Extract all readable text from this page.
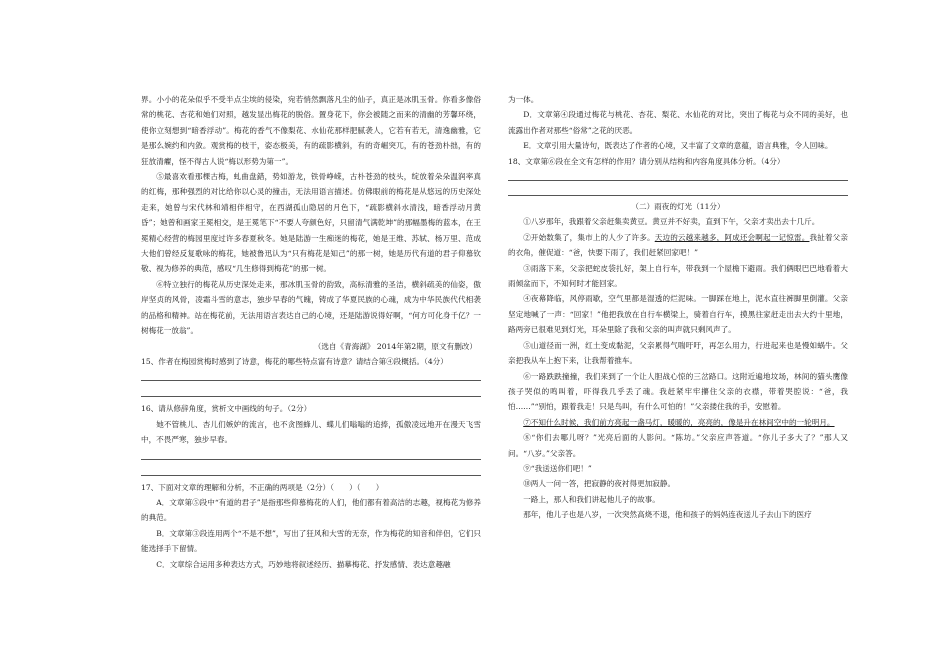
界。小小的花朵似乎不受半点尘埃的侵染，宛若悄然飘落凡尘的仙子，真正是冰肌玉骨。你看多像俗常的桃花、杏花和她们对照，越发显出梅花的脱俗。置身花下，你会被随之而来的清幽的芳馨环绕，使你立刻想到“暗香浮动”。梅花的香气不像梨花、水仙花那样肥腻袭人，它若有若无，清逸幽雅，它是那么婉约和内敛。观赏梅的枝干，姿态极美，有的疏影横斜，有的奇崛突兀，有的苍劲朴拙，有的狂放清癯，怪不得古人说“梅以形势为第一”。

⑤最喜欢看那棵古梅，虬曲盘錯，势如游龙，铁骨峥嵘，古朴苍劲的枝头，绽放着朵朵温润率真的红梅，那种强烈的对比给你以心灵的撞击，无法用语言描述。仿佛眼前的梅花是从悠远的历史深处走来，她曾与宋代林和靖相伴相守，在西湖孤山隐居的月色下，“疏影横斜水清浅，暗香浮动月黄昏”；她曾和画家王冕相交，是王冕笔下“不要人夸颜色好，只留清气满乾坤”的那幅墨梅的蓝本，在王冕精心经营的梅园里度过许多春夏秋冬。她是陆游一生痴迷的梅花，她是王维、苏轼、杨万里、范成大他们曾经反复歌咏的梅花，她被鲁迅认为“只有梅花是知己”的那一树，她是历代有道的君子仰慕钦敬、视为修养的典范，感叹“几生修得到梅花”的那一树。

⑥特立独行的梅花从历史深处走来，那冰肌玉骨的韵致，高标清雅的圣洁，横斜疏美的仙姿，傲岸坚贞的风骨，凌霜斗雪的意志，独步早春的气魄，铸成了华夏民族的心魂，成为中华民族代代相袭的品格和精神。站在梅花前，无法用语言表达自己的心境，还是陆游说得好啊，“何方可化身千亿？一树梅花一放翁”。

（选自《青海湖》 2014年第2期，原文有删改）

15、作者在梅园赏梅时感到了诗意，梅花的哪些特点富有诗意？请结合第④段概括。（4分）

16、请从修辞角度，赏析文中画线的句子。（2分）

她不管桃儿、杏儿们嫉妒的流言，也不贪图蜂儿、蝶儿们嗡嗡的追捧，孤傲凌远地开在漫天飞雪中，不畏严寒，独步早春。

17、下面对文章的理解和分析，不正确的两项是（2分）（　　）（　　）

A．文章第⑤段中“有道的君子”是指那些仰慕梅花的人们，他们都有着高洁的志趣，视梅花为修养的典范。

B．文章第③段连用两个“不是不想”，写出了狂风和大雪的无奈，作为梅花的知音和伴侣，它们只能选择手下留情。

C．文章综合运用多种表达方式，巧妙地将叙述经历、描摹梅花、抒发感情、表达意趣融

为一体。

D．文章第④段通过梅花与桃花、杏花、梨花、水仙花的对比，突出了梅花与众不同的美好，也流露出作者对那些“俗常”之花的厌恶。

E．文章引用大量诗句，既表达了作者的心境，又丰富了文章的意蕴，语言典雅，令人回味。

18、文章第⑥段在全文有怎样的作用？请分别从结构和内容角度具体分析。（4分）

（二）雨夜的灯光（11分）

①八岁那年，我跟着父亲赶集卖黄豆。黄豆并不好卖，直到下午，父亲才卖出去十几斤。

②开始数集了，集市上的人少了许多。天边的云越来越多，阿成还会啊起一记惊雷。我扯着父亲的衣角，催促道：“爸，快要下雨了，我们赶紧回家吧！”

③雨落下来，父亲把蛇皮袋扎好，架上自行车，带我到一个屋檐下避雨。我们俩眼巴巴地看着大雨倾盆而下，不知何时才能回家。

④夜幕降临，风停雨歇，空气里都是湿透的烂泥味。一脚踩在地上，泥水直往裤脚里倒灌。父亲坚定地喊了一声：“回家！”他把我放在自行车横梁上，骑着自行车，摸黑往家赶走出去大约十里地，路两旁已很难见到灯光，耳朵里除了我和父亲的叫声就只剩风声了。

⑤山道径而一洲，红土变成黏泥，父亲累得气喘吁吁，再怎么用力，行进起来也是慢如蜗牛。父亲把我从车上抱下来，让我帮着推车。

⑥一路跌跌撞撞，我们来到了一个让人胆战心惊的三岔路口。这附近遍地坟场，林间的猫头鹰像孩子哭似的鸣叫着，吓得我几乎丢了魂。我赶紧牢牢攥住父亲的衣襟，带着哭腔说：“爸，我怕……”“别怕，跟着我走！只是鸟叫，有什么可怕的！”父亲搂住我的手，安慰着。

⑦不知什么时候，我们前方亮起一盏马灯，暖暖的，亮亮的，像是升在林间空中的一轮明月。

⑧“你们去哪儿呀？”光亮后面的人影问。“陈坊。”父亲应声答道。“你儿子多大了？”那人又问。“八岁。”父亲答。

⑨“我送送你们吧！”

⑩两人一问一答，把寂静的夜衬得更加寂静。

一路上，那人和我们讲起他儿子的故事。

那年，他儿子也是八岁，一次突然高烧不退，他和孩子的妈妈连夜送儿子去山下的医疗
